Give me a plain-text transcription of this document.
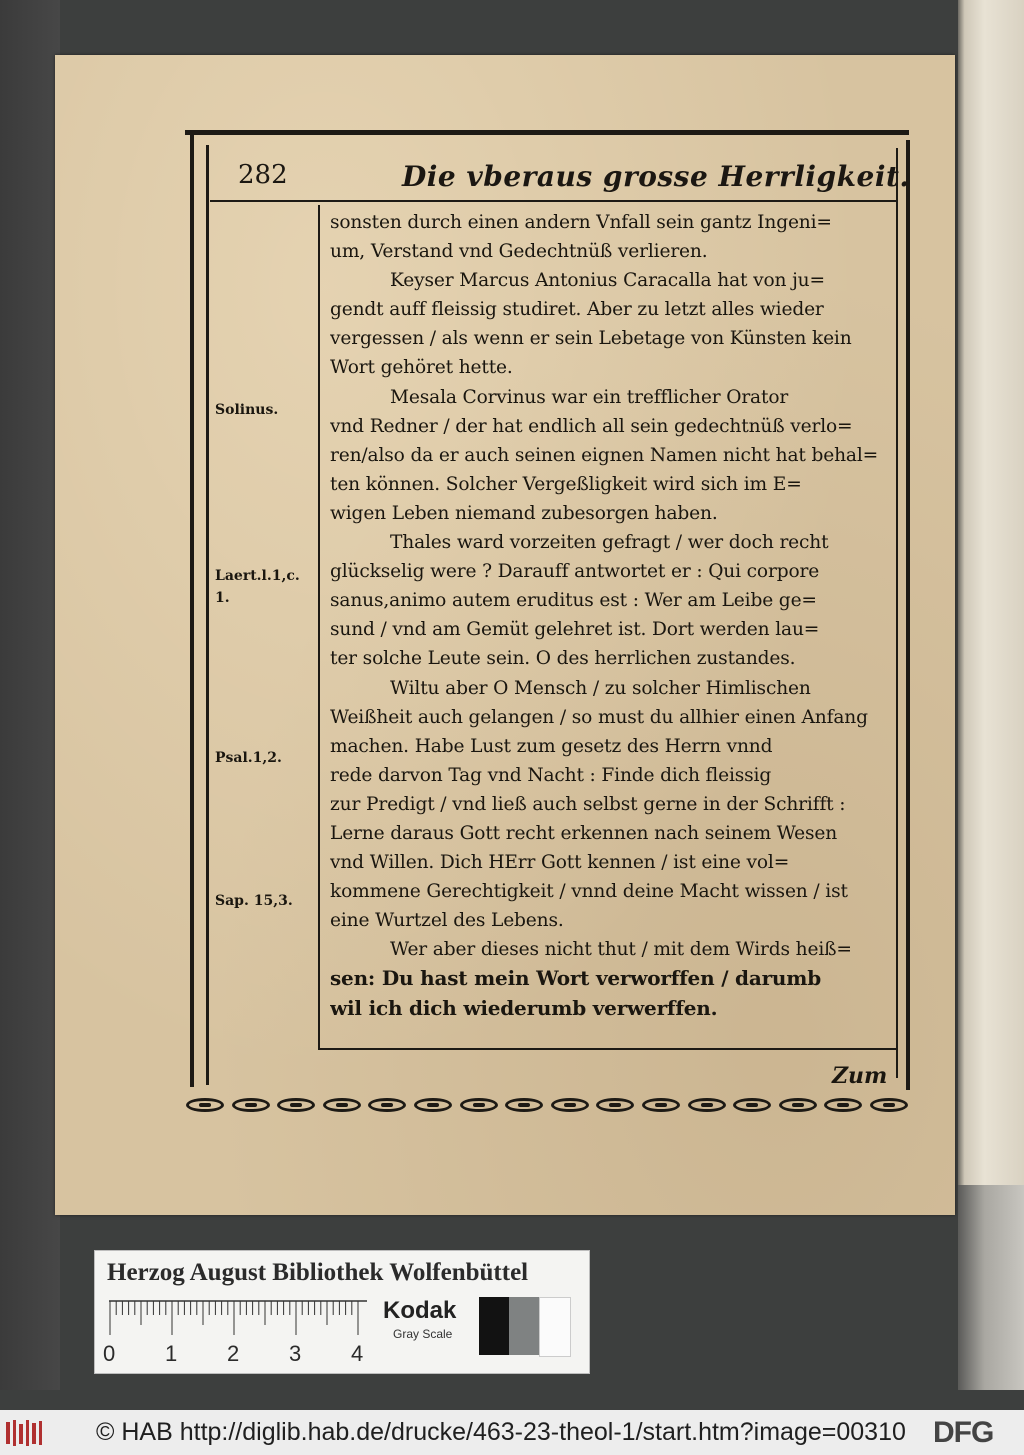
282	Die vberaus grosse Herrligkeit.
sonsten durch einen andern Vnfall sein gantz Ingeni=
um, Verstand vnd Gedechtnüß verlieren.
Keyser Marcus Antonius Caracalla hat von ju=
gendt auff fleissig studiret. Aber zu letzt alles wieder
vergessen / als wenn er sein Lebetage von Künsten kein
Wort gehöret hette.
Mesala Corvinus war ein trefflicher Orator
vnd Redner / der hat endlich all sein gedechtnüß verlo=
ren/also da er auch seinen eignen Namen nicht hat behal=
ten können. Solcher Vergeßligkeit wird sich im E=
wigen Leben niemand zubesorgen haben.
Thales ward vorzeiten gefragt / wer doch recht
glückselig were ? Darauff antwortet er : Qui corpore
sanus,animo autem eruditus est : Wer am Leibe ge=
sund / vnd am Gemüt gelehret ist. Dort werden lau=
ter solche Leute sein. O des herrlichen zustandes.
Wiltu aber O Mensch / zu solcher Himlischen
Weißheit auch gelangen / so must du allhier einen Anfang
machen. Habe Lust zum gesetz des Herrn vnnd
rede darvon Tag vnd Nacht : Finde dich fleissig
zur Predigt / vnd ließ auch selbst gerne in der Schrifft :
Lerne daraus Gott recht erkennen nach seinem Wesen
vnd Willen. Dich HErr Gott kennen / ist eine vol=
kommene Gerechtigkeit / vnnd deine Macht wissen / ist
eine Wurtzel des Lebens.
Wer aber dieses nicht thut / mit dem Wirds heiß=
sen: Du hast mein Wort verworffen / darumb
wil ich dich wiederumb verwerffen.
Solinus.
Laert.l.1,c.
1.
Psal.1,2.
Sap. 15,3.
Zum
Herzog August Bibliothek Wolfenbüttel
0 1 2 3 4
Kodak
Gray Scale
© HAB http://diglib.hab.de/drucke/463-23-theol-1/start.htm?image=00310 DFG
